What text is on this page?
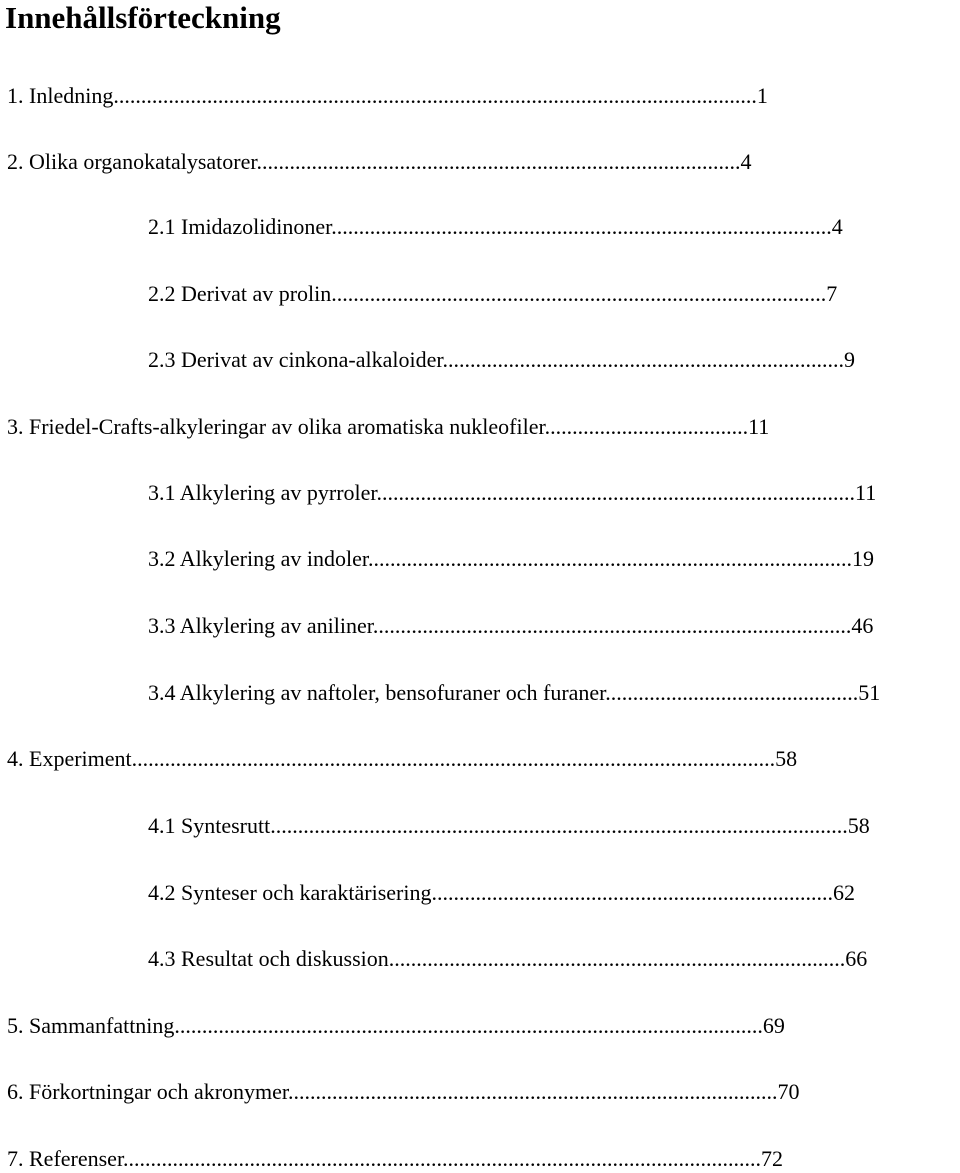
Innehållsförteckning
1. Inledning.....................................................................................................................1
2. Olika organokatalysatorer........................................................................................4
2.1 Imidazolidinoner...........................................................................................4
2.2 Derivat av prolin..........................................................................................7
2.3 Derivat av cinkona-alkaloider.........................................................................9
3. Friedel-Crafts-alkyleringar av olika aromatiska nukleofiler.....................................11
3.1 Alkylering av pyrroler.......................................................................................11
3.2 Alkylering av indoler........................................................................................19
3.3 Alkylering av aniliner.......................................................................................46
3.4 Alkylering av naftoler, bensofuraner och furaner..............................................51
4. Experiment.....................................................................................................................58
4.1 Syntesrutt.........................................................................................................58
4.2 Synteser och karaktärisering.........................................................................62
4.3 Resultat och diskussion...................................................................................66
5. Sammanfattning...........................................................................................................69
6. Förkortningar och akronymer.........................................................................................70
7. Referenser....................................................................................................................72
